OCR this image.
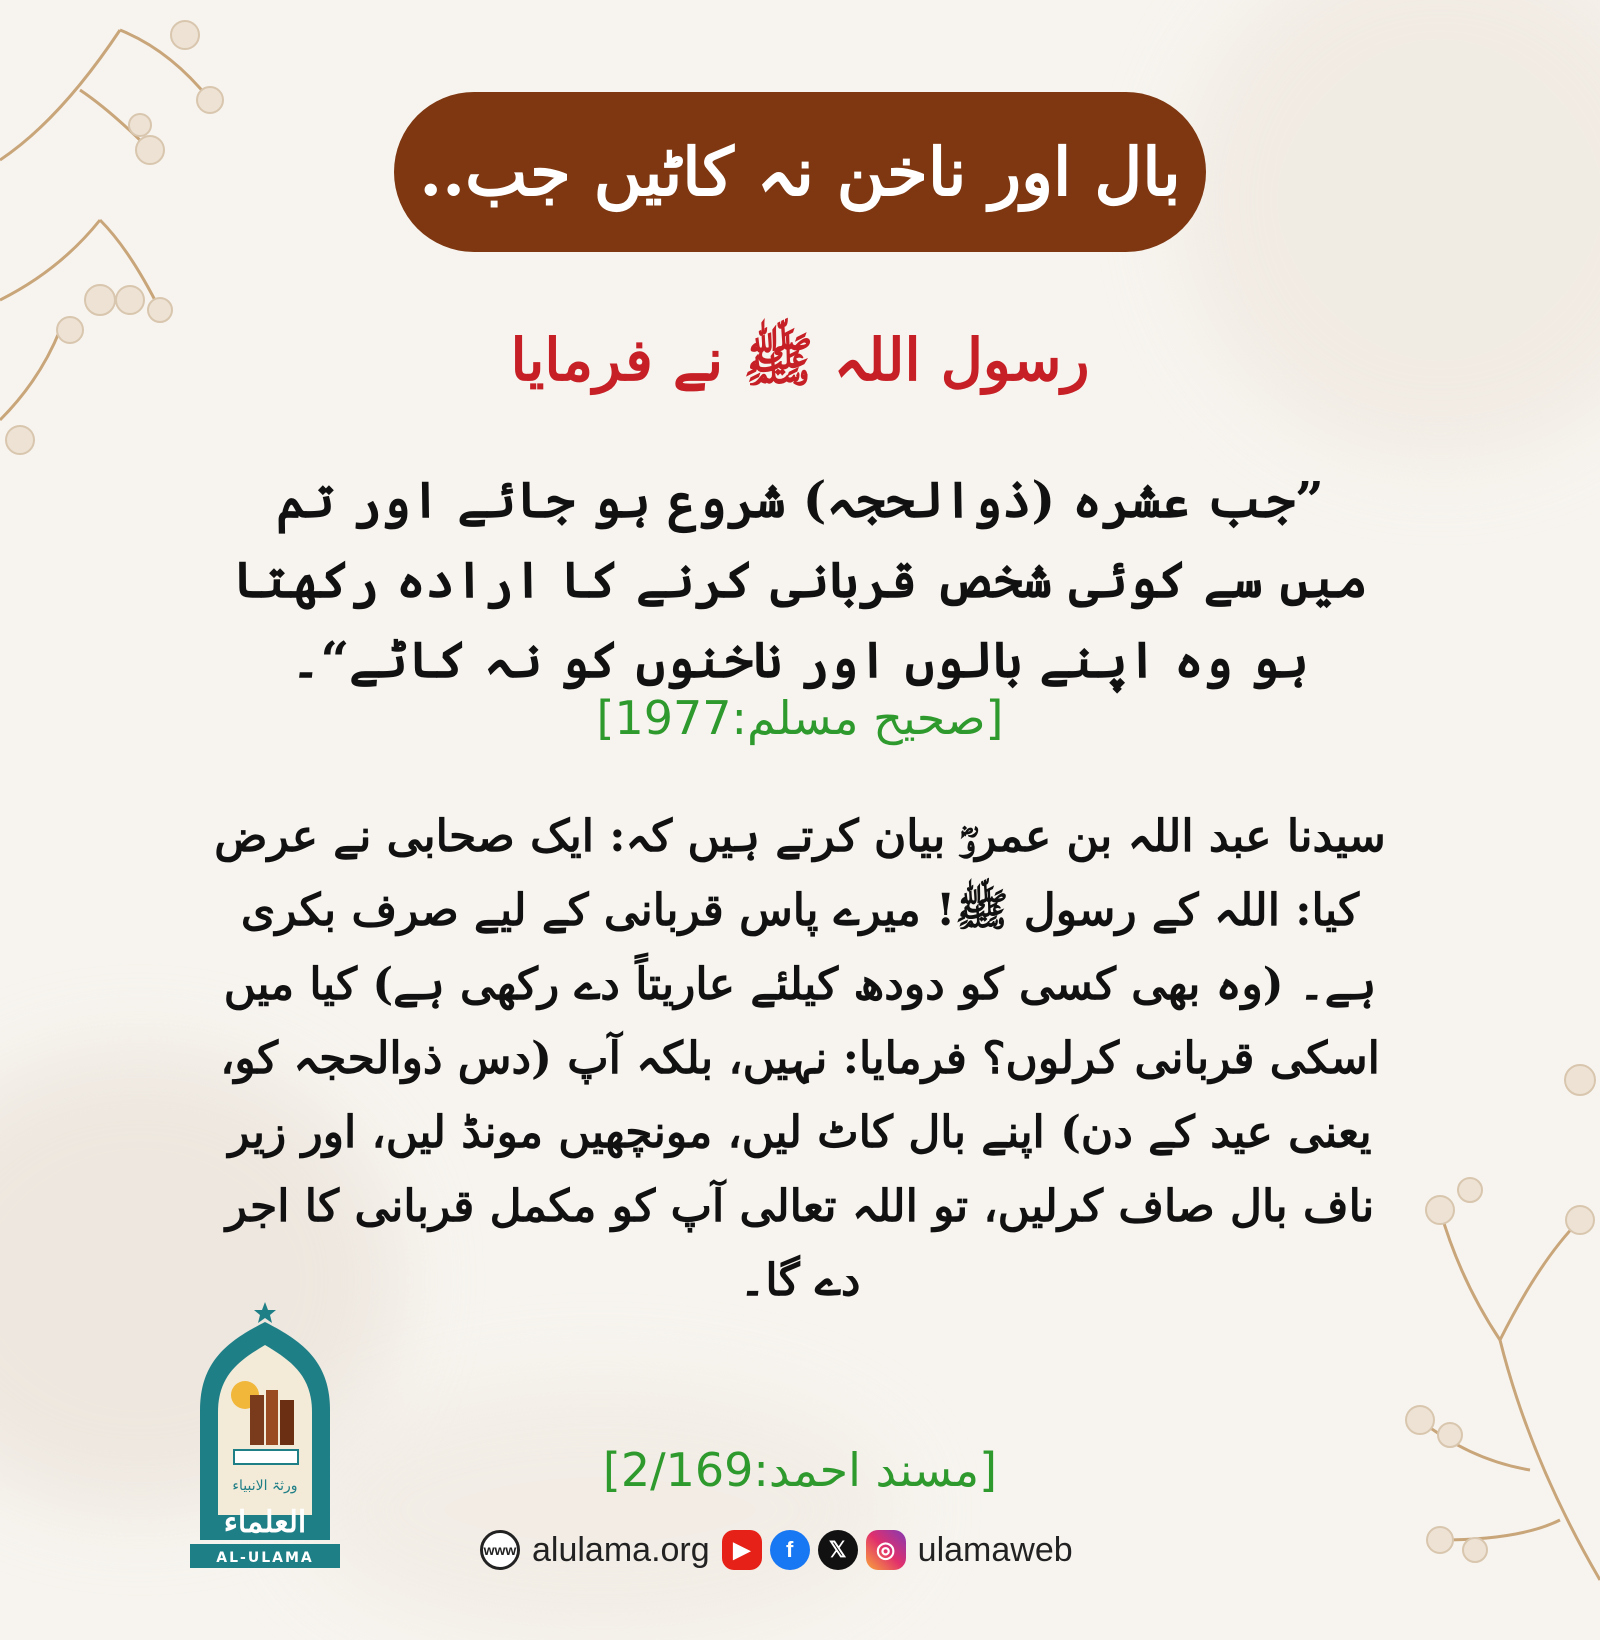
بال اور ناخن نہ کاٹیں جب..
رسول اللہ ﷺ نے فرمایا
”جب عشرہ (ذوالحجہ) شروع ہو جائے اور تم میں سے کوئی شخص قربانی کرنے کا ارادہ رکھتا ہو وہ اپنے بالوں اور ناخنوں کو نہ کاٹے“۔
[صحیح مسلم:1977]
سیدنا عبد اللہ بن عمروؓ بیان کرتے ہیں کہ: ایک صحابی نے عرض کیا: اللہ کے رسول ﷺ! میرے پاس قربانی کے لیے صرف بکری ہے۔ (وہ بھی کسی کو دودھ کیلئے عاریتاً دے رکھی ہے) کیا میں اسکی قربانی کرلوں؟ فرمایا: نہیں، بلکہ آپ (دس ذوالحجہ کو، یعنی عید کے دن) اپنے بال کاٹ لیں، مونچھیں مونڈ لیں، اور زیر ناف بال صاف کرلیں، تو اللہ تعالی آپ کو مکمل قربانی کا اجر دے گا۔
[مسند احمد:2/169]
ورثۃ الانبیاء
العلماء
AL-ULAMA	www alulama.org	▶	f	𝕏	◎ ulamaweb
